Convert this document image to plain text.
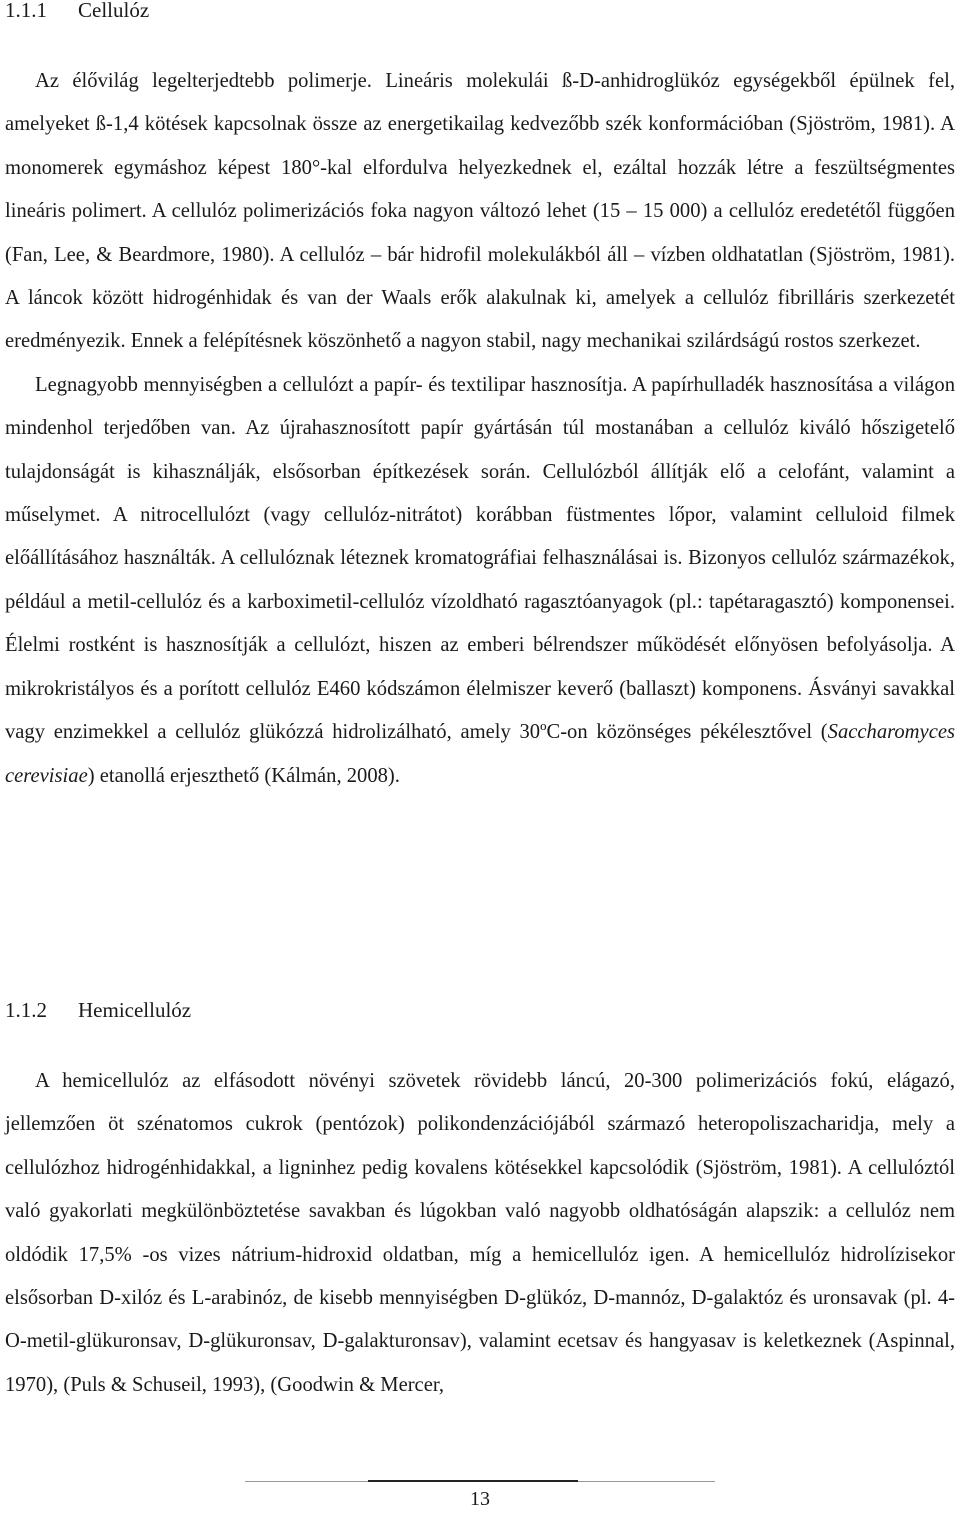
1.1.1 Cellulóz

Az élővilág legelterjedtebb polimerje. Lineáris molekulái ß-D-anhidroglükóz egységekből épülnek fel, amelyeket ß-1,4 kötések kapcsolnak össze az energetikailag kedvezőbb szék konformációban (Sjöström, 1981). A monomerek egymáshoz képest 180°-kal elfordulva helyezkednek el, ezáltal hozzák létre a feszültségmentes lineáris polimert. A cellulóz polimerizációs foka nagyon változó lehet (15 – 15 000) a cellulóz eredetétől függően (Fan, Lee, & Beardmore, 1980). A cellulóz – bár hidrofil molekulákból áll – vízben oldhatatlan (Sjöström, 1981). A láncok között hidrogénhidak és van der Waals erők alakulnak ki, amelyek a cellulóz fibrilláris szerkezetét eredményezik. Ennek a felépítésnek köszönhető a nagyon stabil, nagy mechanikai szilárdságú rostos szerkezet.

Legnagyobb mennyiségben a cellulózt a papír- és textilipar hasznosítja. A papírhulladék hasznosítása a világon mindenhol terjedőben van. Az újrahasznosított papír gyártásán túl mostanában a cellulóz kiváló hőszigetelő tulajdonságát is kihasználják, elsősorban építkezések során. Cellulózból állítják elő a celofánt, valamint a műselymet. A nitrocellulózt (vagy cellulóz-nitrátot) korábban füstmentes lőpor, valamint celluloid filmek előállításához használták. A cellulóznak léteznek kromatográfiai felhasználásai is. Bizonyos cellulóz származékok, például a metil-cellulóz és a karboximetil-cellulóz vízoldható ragasztóanyagok (pl.: tapétaragasztó) komponensei. Élelmi rostként is hasznosítják a cellulózt, hiszen az emberi bélrendszer működését előnyösen befolyásolja. A mikrokristályos és a porított cellulóz E460 kódszámon élelmiszer keverő (ballaszt) komponens. Ásványi savakkal vagy enzimekkel a cellulóz glükózzá hidrolizálható, amely 30ºC-on közönséges pékélesztővel (Saccharomyces cerevisiae) etanollá erjeszthető (Kálmán, 2008).

1.1.2 Hemicellulóz

A hemicellulóz az elfásodott növényi szövetek rövidebb láncú, 20-300 polimerizációs fokú, elágazó, jellemzően öt szénatomos cukrok (pentózok) polikondenzációjából származó heteropoliszacharidja, mely a cellulózhoz hidrogénhidakkal, a ligninhez pedig kovalens kötésekkel kapcsolódik (Sjöström, 1981). A cellulóztól való gyakorlati megkülönböztetése savakban és lúgokban való nagyobb oldhatóságán alapszik: a cellulóz nem oldódik 17,5% -os vizes nátrium-hidroxid oldatban, míg a hemicellulóz igen. A hemicellulóz hidrolízisekor elsősorban D-xilóz és L-arabinóz, de kisebb mennyiségben D-glükóz, D-mannóz, D-galaktóz és uronsavak (pl. 4-O-metil-glükuronsav, D-glükuronsav, D-galakturonsav), valamint ecetsav és hangyasav is keletkeznek (Aspinnal, 1970), (Puls & Schuseil, 1993), (Goodwin & Mercer,

13
